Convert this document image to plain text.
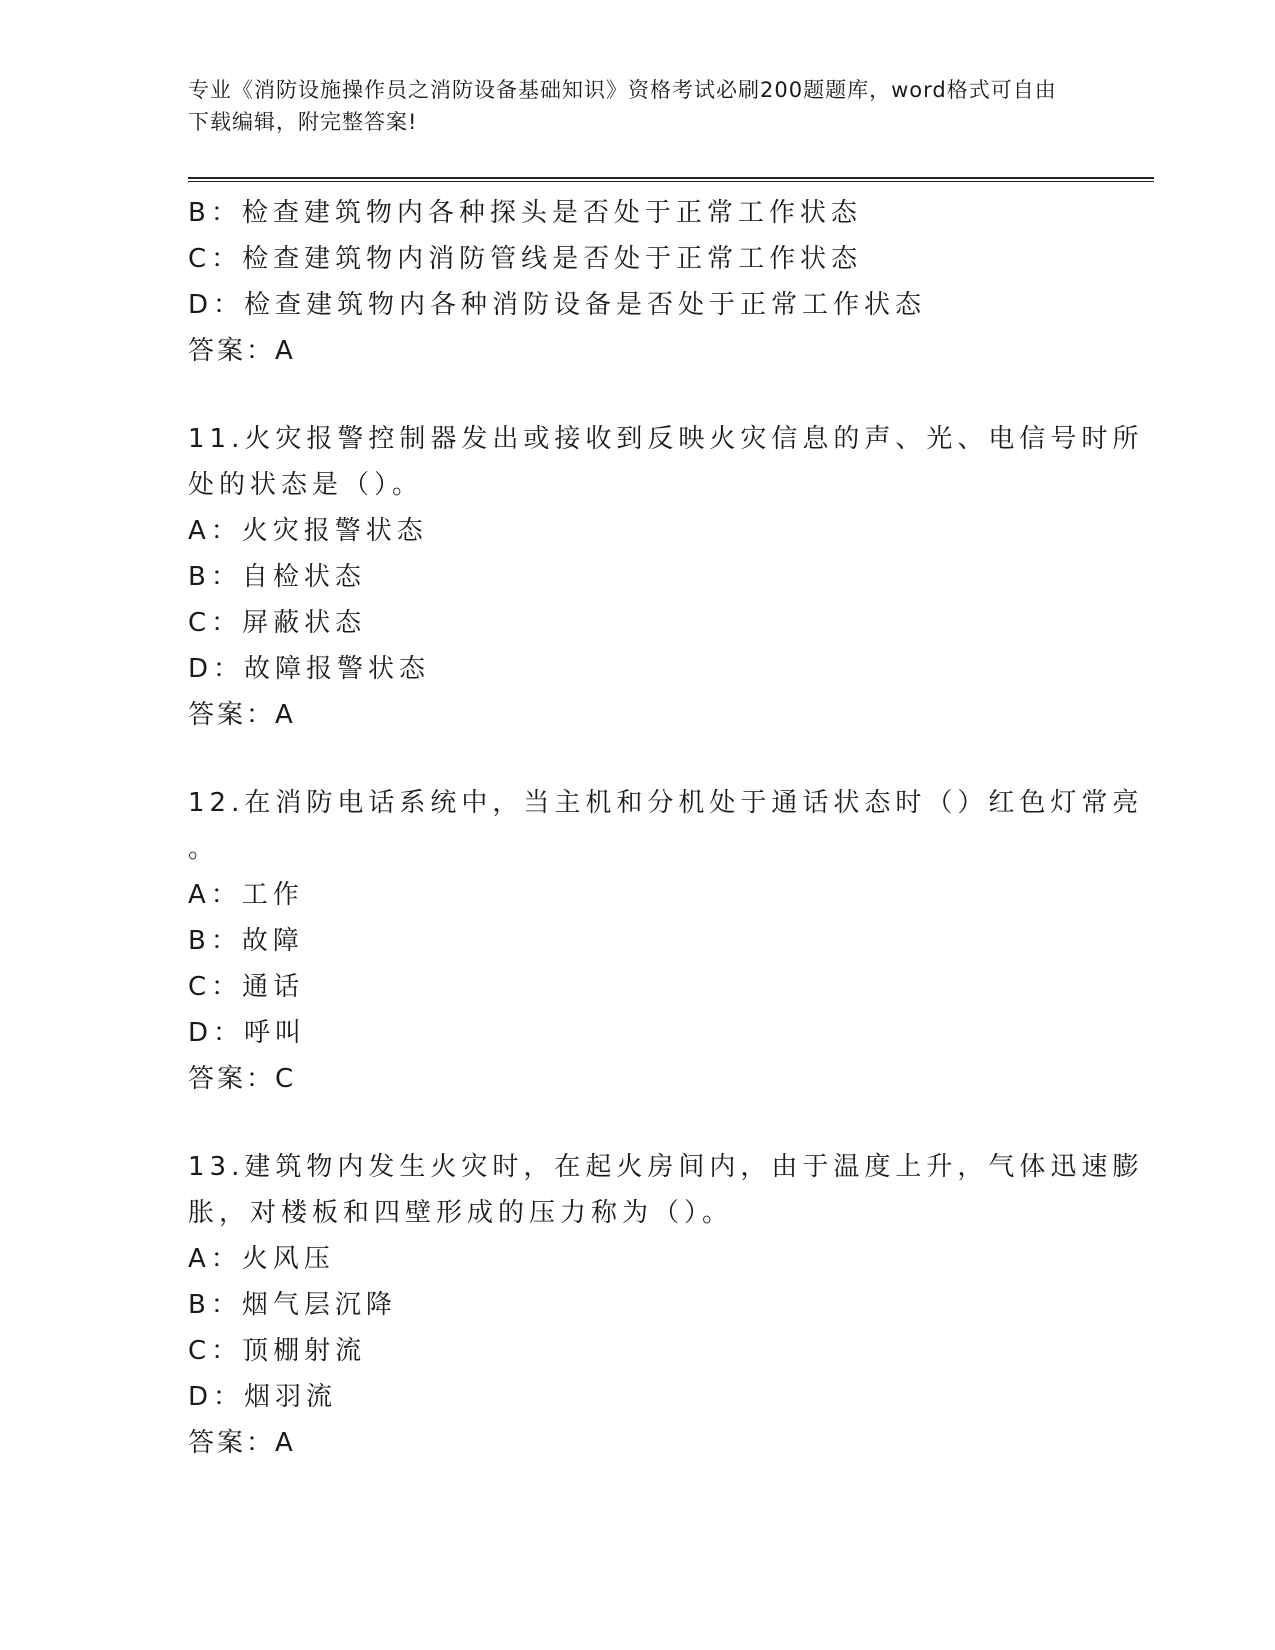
专业《消防设施操作员之消防设备基础知识》资格考试必刷200题题库，word格式可自由下载编辑，附完整答案!
B：检查建筑物内各种探头是否处于正常工作状态
C：检查建筑物内消防管线是否处于正常工作状态
D：检查建筑物内各种消防设备是否处于正常工作状态
答案：A
11.火灾报警控制器发出或接收到反映火灾信息的声、光、电信号时所
处的状态是（）。
A：火灾报警状态
B：自检状态
C：屏蔽状态
D：故障报警状态
答案：A
12.在消防电话系统中，当主机和分机处于通话状态时（）红色灯常亮
。
A：工作
B：故障
C：通话
D：呼叫
答案：C
13.建筑物内发生火灾时，在起火房间内，由于温度上升，气体迅速膨
胀，对楼板和四壁形成的压力称为（）。
A：火风压
B：烟气层沉降
C：顶棚射流
D：烟羽流
答案：A
